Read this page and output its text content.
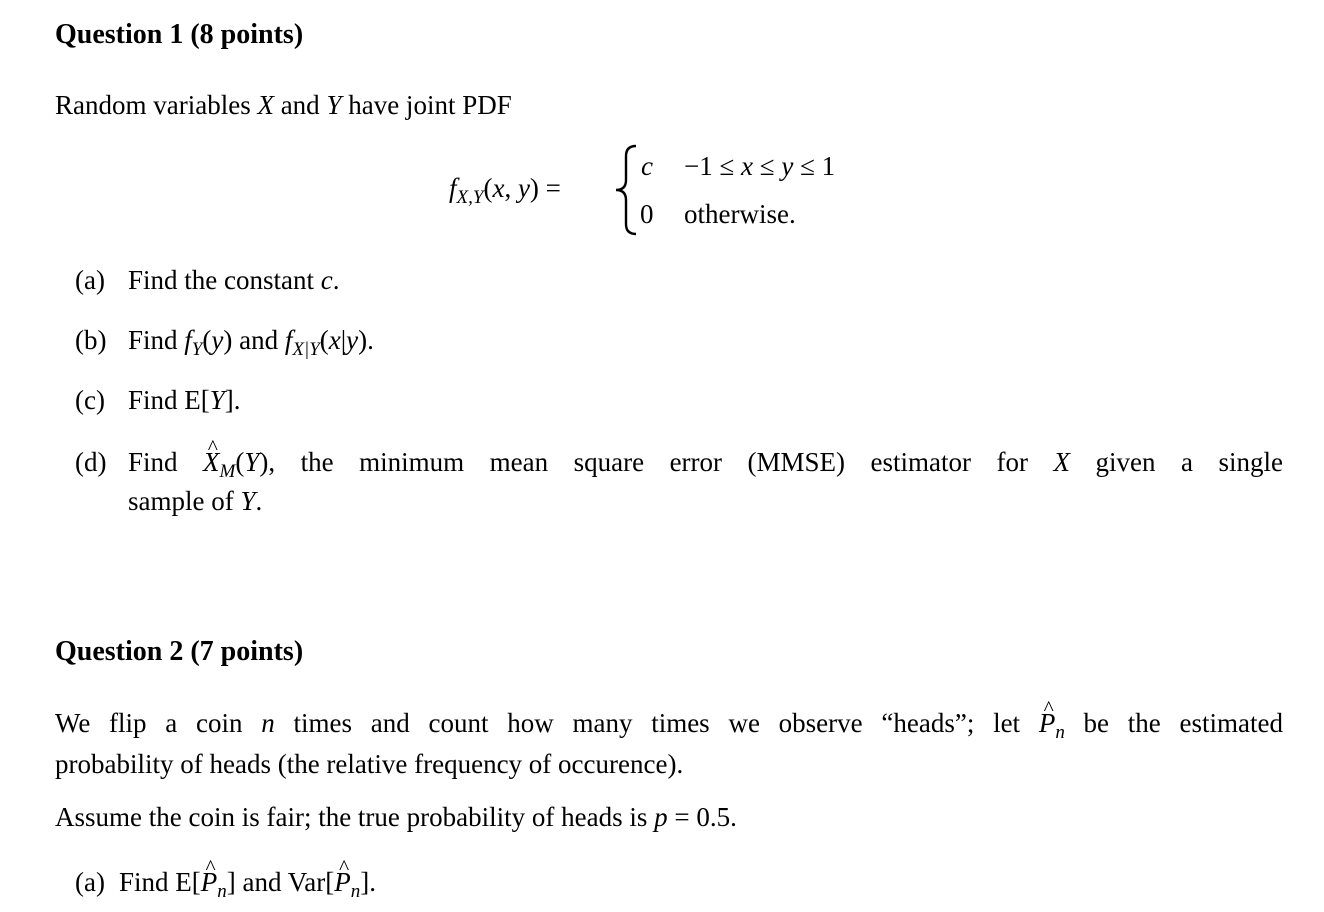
Question 1 (8 points)
Random variables X and Y have joint PDF
$f_{X,Y}(x$, y) =
c −1 ≤ x ≤ y ≤ 1
0 otherwise.
(a) Find the constant c.
(b) Find $f_Y(y)$ and $f_{X|Y}(x|y)$.
(c) Find E[Y].
(d) Find ^ $X_M(Y)$, the minimum mean square error (MMSE) estimator for X given a single
sample of Y.
Question 2 (7 points)
We flip a coin n times and count how many times we observe “heads”; let ^ $P_n$ be the estimated
probability of heads (the relative frequency of occurence).
Assume the coin is fair; the true probability of heads is p = 0.5.
(a) Find E[^ $P_n$] and Var[^ $P_n$].
